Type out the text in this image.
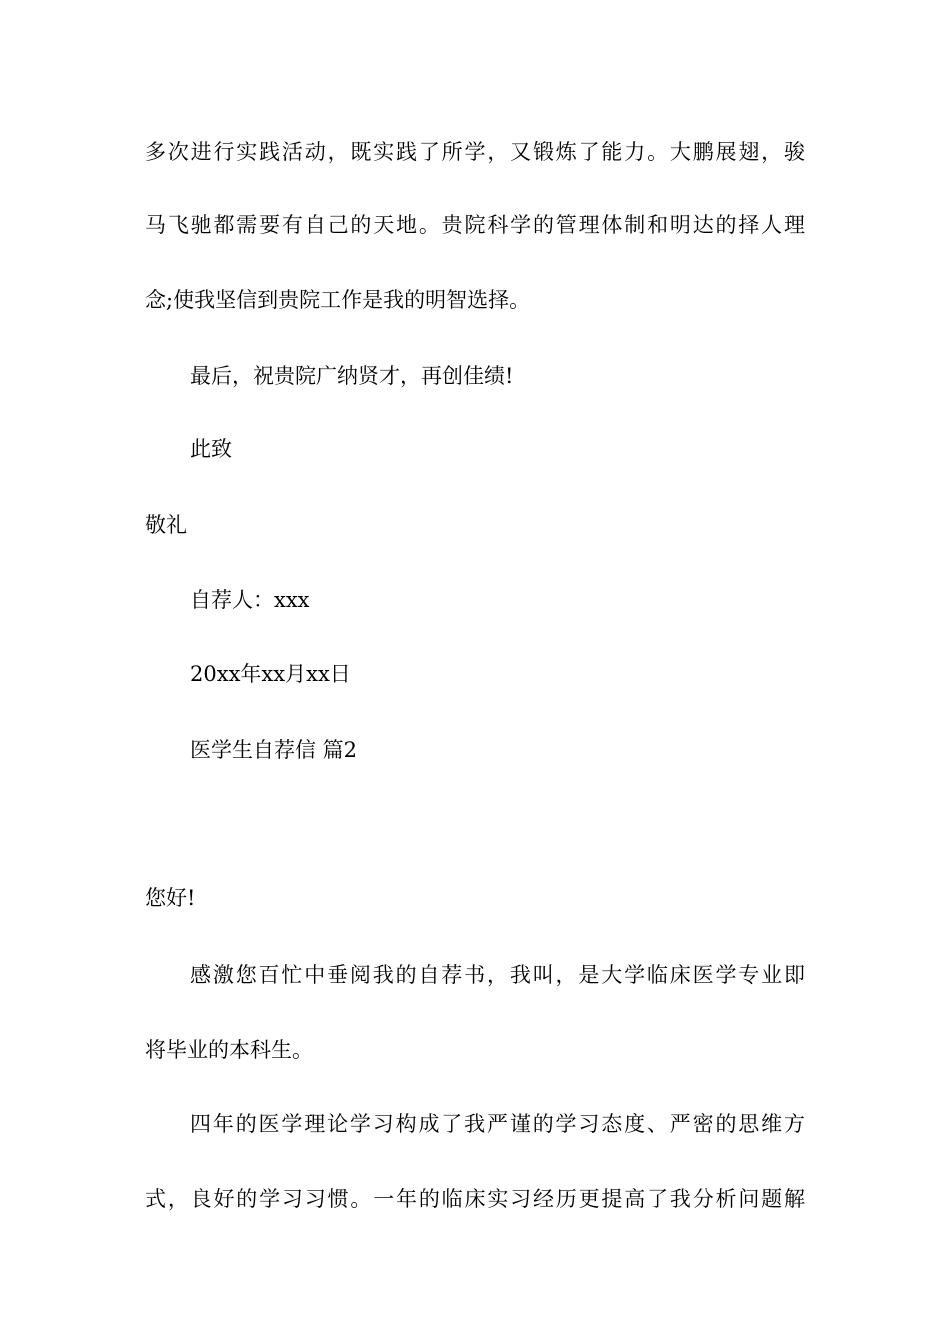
多次进行实践活动，既实践了所学，又锻炼了能力。大鹏展翅，骏
马飞驰都需要有自己的天地。贵院科学的管理体制和明达的择人理
念;使我坚信到贵院工作是我的明智选择。
最后，祝贵院广纳贤才，再创佳绩!
此致
敬礼
自荐人：xxx
20xx年xx月xx日
医学生自荐信 篇2
您好!
感激您百忙中垂阅我的自荐书，我叫，是大学临床医学专业即
将毕业的本科生。
四年的医学理论学习构成了我严谨的学习态度、严密的思维方
式，良好的学习习惯。一年的临床实习经历更提高了我分析问题解
